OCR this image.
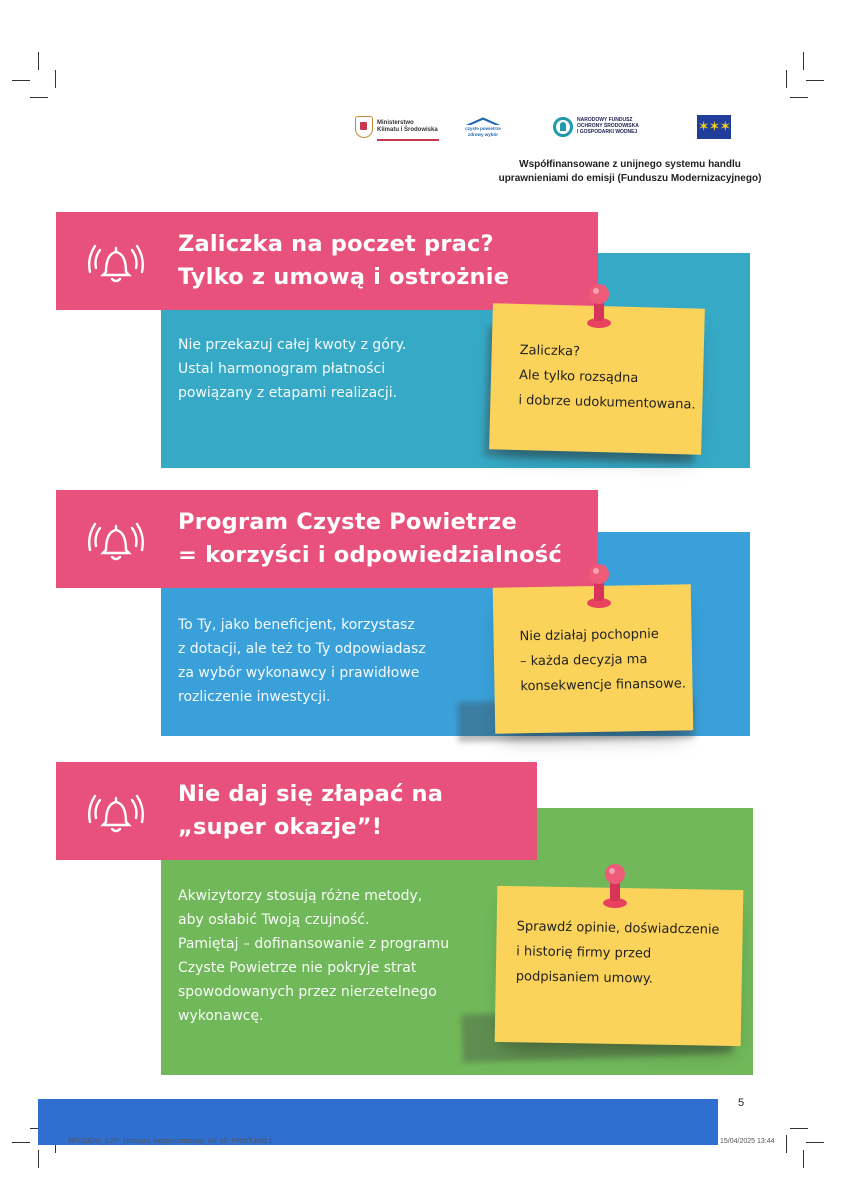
Ministerstwo
Klimatu i Środowiska	czyste powietrze
zdrowy wybór
NARODOWY FUNDUSZ
OCHRONY ŚRODOWISKA
I GOSPODARKI WODNEJ	✶✶✶
Współfinansowane z unijnego systemu handlu
uprawnieniami do emisji (Funduszu Modernizacyjnego)
Zaliczka na poczet prac?
Tylko z umową i ostrożnie
Nie przekazuj całej kwoty z góry.
Ustal harmonogram płatności
powiązany z etapami realizacji.
Zaliczka?
Ale tylko rozsądna
i dobrze udokumentowana.
Program Czyste Powietrze
= korzyści i odpowiedzialność
To Ty, jako beneficjent, korzystasz
z dotacji, ale też to Ty odpowiadasz
za wybór wykonawcy i prawidłowe
rozliczenie inwestycji.
Nie działaj pochopnie
– każda decyzja ma
konsekwencje finansowe.
Nie daj się złapać na
„super okazje”!
Akwizytorzy stosują różne metody,
aby osłabić Twoją czujność.
Pamiętaj – dofinansowanie z programu
Czyste Powietrze nie pokryje strat
spowodowanych przez nierzetelnego
wykonawcę.
Sprawdź opinie, doświadczenie
i historię firmy przed
podpisaniem umowy.
5
NFOSiGW_CZP_broszura_bezpieczenstwo_A4_v2_PRINT.indd 5	15/04/2025 13:44
